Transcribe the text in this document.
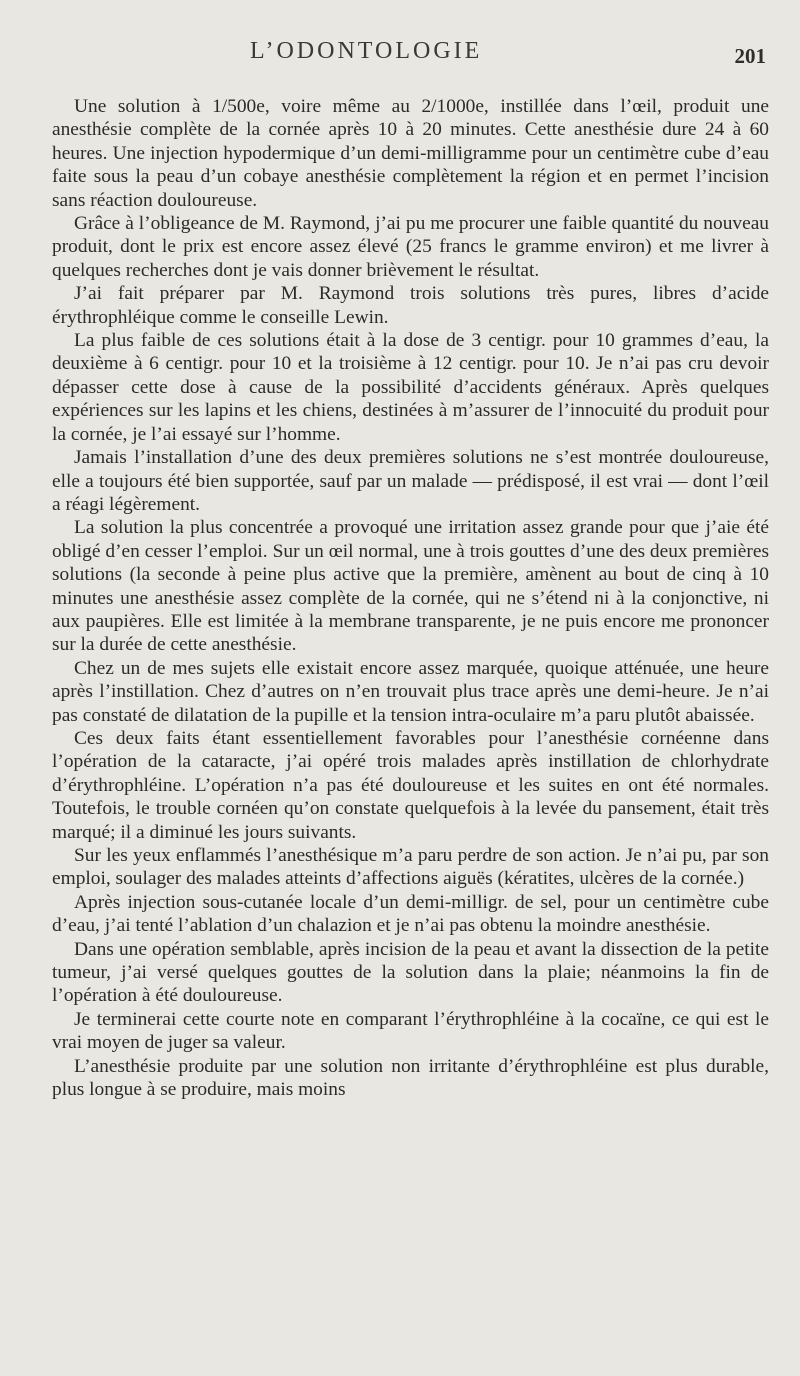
L’ODONTOLOGIE	201

Une solution à 1/500e, voire même au 2/1000e, instillée dans l’œil, produit une anesthésie complète de la cornée après 10 à 20 minutes. Cette anesthésie dure 24 à 60 heures. Une injection hypodermique d’un demi-milligramme pour un centimètre cube d’eau faite sous la peau d’un cobaye anesthésie complètement la région et en permet l’incision sans réaction douloureuse.

Grâce à l’obligeance de M. Raymond, j’ai pu me procurer une faible quantité du nouveau produit, dont le prix est encore assez élevé (25 francs le gramme environ) et me livrer à quelques recherches dont je vais donner brièvement le résultat.

J’ai fait préparer par M. Raymond trois solutions très pures, libres d’acide érythrophléique comme le conseille Lewin.

La plus faible de ces solutions était à la dose de 3 centigr. pour 10 grammes d’eau, la deuxième à 6 centigr. pour 10 et la troisième à 12 centigr. pour 10. Je n’ai pas cru devoir dépasser cette dose à cause de la possibilité d’accidents généraux. Après quelques expériences sur les lapins et les chiens, destinées à m’assurer de l’innocuité du produit pour la cornée, je l’ai essayé sur l’homme.

Jamais l’installation d’une des deux premières solutions ne s’est montrée douloureuse, elle a toujours été bien supportée, sauf par un malade — prédisposé, il est vrai — dont l’œil a réagi légèrement.

La solution la plus concentrée a provoqué une irritation assez grande pour que j’aie été obligé d’en cesser l’emploi. Sur un œil normal, une à trois gouttes d’une des deux premières solutions (la seconde à peine plus active que la première, amènent au bout de cinq à 10 minutes une anesthésie assez complète de la cornée, qui ne s’étend ni à la conjonctive, ni aux paupières. Elle est limitée à la membrane transparente, je ne puis encore me prononcer sur la durée de cette anesthésie.

Chez un de mes sujets elle existait encore assez marquée, quoique atténuée, une heure après l’instillation. Chez d’autres on n’en trouvait plus trace après une demi-heure. Je n’ai pas constaté de dilatation de la pupille et la tension intra-oculaire m’a paru plutôt abaissée.

Ces deux faits étant essentiellement favorables pour l’anesthésie cornéenne dans l’opération de la cataracte, j’ai opéré trois malades après instillation de chlorhydrate d’érythrophléine. L’opération n’a pas été douloureuse et les suites en ont été normales. Toutefois, le trouble cornéen qu’on constate quelquefois à la levée du pansement, était très marqué; il a diminué les jours suivants.

Sur les yeux enflammés l’anesthésique m’a paru perdre de son action. Je n’ai pu, par son emploi, soulager des malades atteints d’affections aiguës (kératites, ulcères de la cornée.)

Après injection sous-cutanée locale d’un demi-milligr. de sel, pour un centimètre cube d’eau, j’ai tenté l’ablation d’un chalazion et je n’ai pas obtenu la moindre anesthésie.

Dans une opération semblable, après incision de la peau et avant la dissection de la petite tumeur, j’ai versé quelques gouttes de la solution dans la plaie; néanmoins la fin de l’opération à été douloureuse.

Je terminerai cette courte note en comparant l’érythrophléine à la cocaïne, ce qui est le vrai moyen de juger sa valeur.

L’anesthésie produite par une solution non irritante d’érythrophléine est plus durable, plus longue à se produire, mais moins
